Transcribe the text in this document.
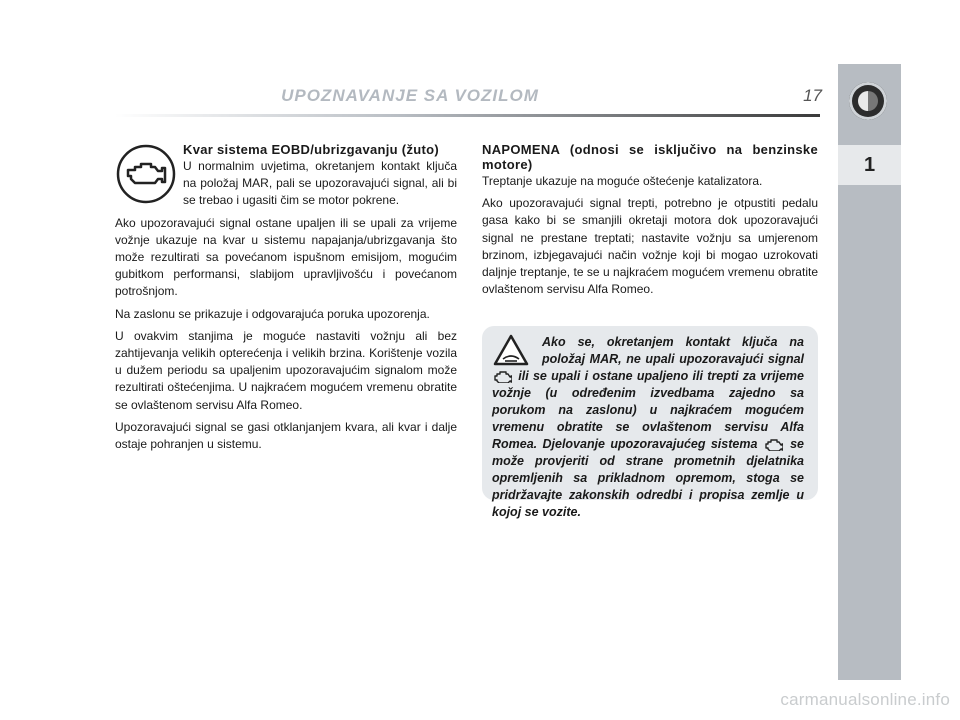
UPOZNAVANJE SA VOZILOM	17
1
Kvar sistema EOBD/ubrizgavanju (žuto)

U normalnim uvjetima, okretanjem kontakt ključa na položaj MAR, pali se upozoravajući signal, ali bi se trebao i ugasiti čim se motor pokrene.

Ako upozoravajući signal ostane upaljen ili se upali za vrijeme vožnje ukazuje na kvar u sistemu napajanja/ubrizgavanja što može rezultirati sa povećanom ispušnom emisijom, mogućim gubitkom performansi, slabijom upravljivošću i povećanom potrošnjom.

Na zaslonu se prikazuje i odgovarajuća poruka upozorenja.

U ovakvim stanjima je moguće nastaviti vožnju ali bez zahtijevanja velikih opterećenja i velikih brzina. Korištenje vozila u dužem periodu sa upaljenim upozoravajućim signalom može rezultirati oštećenjima. U najkraćem mogućem vremenu obratite se ovlaštenom servisu Alfa Romeo.

Upozoravajući signal se gasi otklanjanjem kvara, ali kvar i dalje ostaje pohranjen u sistemu.

NAPOMENA (odnosi se isključivo na benzinske motore)

Treptanje ukazuje na moguće oštećenje katalizatora.

Ako upozoravajući signal trepti, potrebno je otpustiti pedalu gasa kako bi se smanjili okretaji motora dok upozoravajući signal ne prestane treptati; nastavite vožnju sa umjerenom brzinom, izbjegavajući način vožnje koji bi mogao uzrokovati daljnje treptanje, te se u najkraćem mogućem vremenu obratite ovlaštenom servisu Alfa Romeo.

Ako se, okretanjem kontakt ključa na položaj MAR, ne upali upozoravajući signal  ili se upali i ostane upaljeno ili trepti za vrijeme vožnje (u određenim izvedbama zajedno sa porukom na zaslonu) u najkraćem mogućem vremenu obratite se ovlaštenom servisu Alfa Romea. Djelovanje upozoravajućeg sistema	se može provjeriti od strane prometnih djelatnika opremljenih sa prikladnom opremom, stoga se pridržavajte zakonskih odredbi i propisa zemlje u kojoj se vozite.
carmanualsonline.info
